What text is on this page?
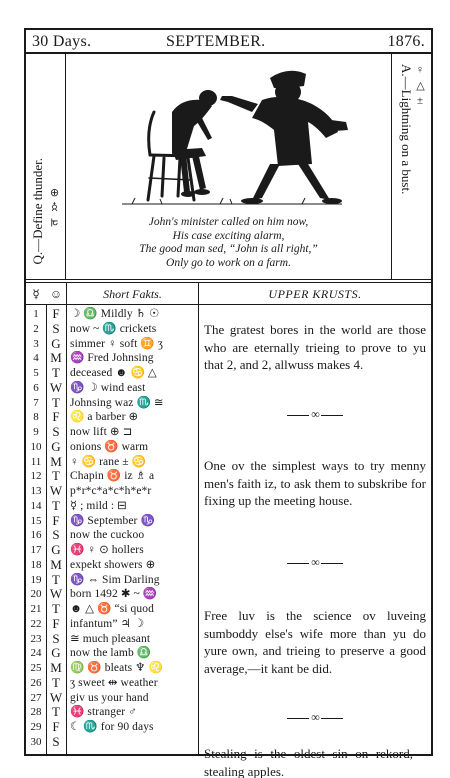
30 Days.	SEPTEMBER.	1876.
Q.—Define thunder. ♃ ☿ ⊕	John's minister called on him now,
His case exciting alarm,
The good man sed, “John is all right,”
Only go to work on a farm.
A.—Lightning on a bust. ♀ △ ±
☿ ☺	Short Fakts.	UPPER KRUSTS.
1	F ☽ ♎ Mildly ♄ ☉
2	S now ~ ♏ crickets
3 G simmer ♀ soft ♊ ʒ
4 M ♒ Fred Johnsing
5	T deceased ☻ ♋ △
6 W ♑ ☽ wind east
7	T Johnsing waz ♏ ≅
8	F ♌ a barber ⊕
9	S now lift ⊕ ⊐
10 G onions ♉ warm
11 M ♀ ♋ rane ± ♋
12 T Chapin ♉ iz ♗ a
13 W p*r*c*a*c*h*e*r
14 T ☿ ; mild : ⊟
15 F ♑ September ♑
16 S now the cuckoo
17 G ♓ ♀ ⊙ hollers
18 M expekt showers ⊕
19 T ♑ ⇔ Sim Darling
20 W born 1492 ✱ ~ ♒
21 T ☻ △ ♉ “si quod
22 F infantum” ♃ ☽
23 S ≅ much pleasant
24 G now the lamb ♎
25 M ♍ ♉ bleats ♆ ♌
26 T ʒ sweet ⇹ weather
27 W giv us your hand
28 T ♓ stranger ♂
29 F ☾ ♏ for 90 days
30 S
The gratest bores in the world are those who are eternally trieing to prove to yu that 2, and 2, allwuss makes 4.
∞
One ov the simplest ways to try menny men's faith iz, to ask them to subskribe for fixing up the meeting house.
∞
Free luv is the science ov luveing sumboddy else's wife more than yu do yure own, and trieing to preserve a good average,—it kant be did.
∞
Stealing is the oldest sin on rekord,—stealing apples.
